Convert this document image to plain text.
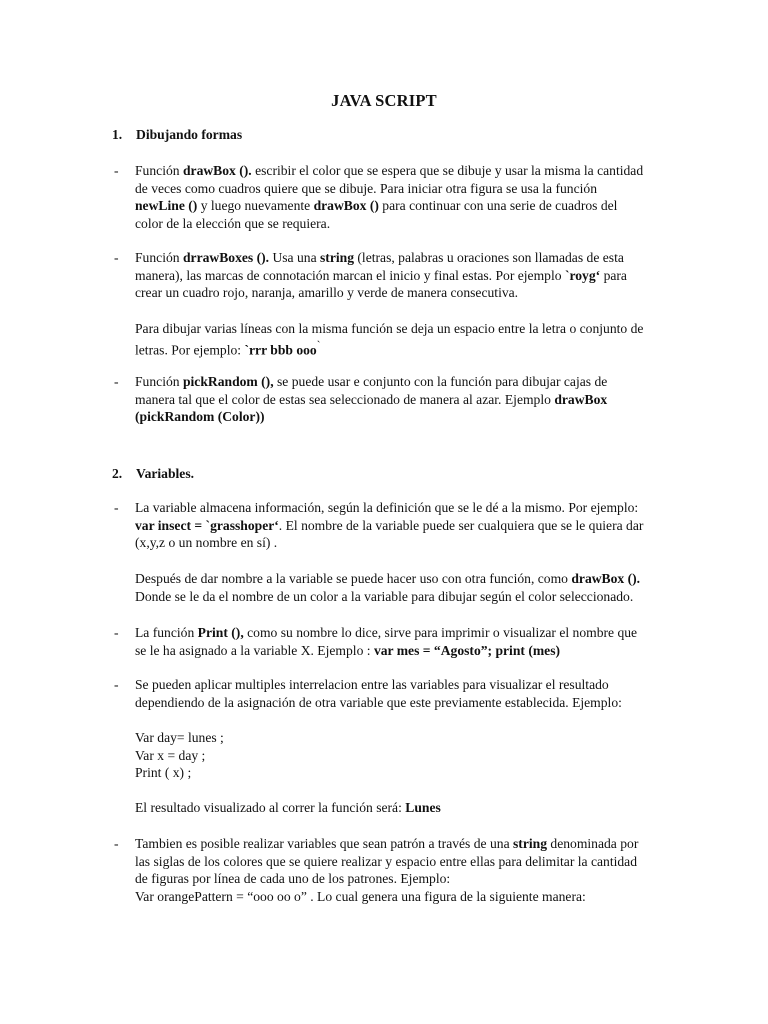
JAVA SCRIPT
1. Dibujando formas
- Función drawBox (). escribir el color que se espera que se dibuje y usar la misma la cantidad de veces como cuadros quiere que se dibuje. Para iniciar otra figura se usa la función newLine () y luego nuevamente drawBox () para continuar con una serie de cuadros del color de la elección que se requiera.
- Función drrawBoxes (). Usa una string (letras, palabras u oraciones son llamadas de esta manera), las marcas de connotación marcan el inicio y final estas. Por ejemplo `royg‘ para crear un cuadro rojo, naranja, amarillo y verde de manera consecutiva.
Para dibujar varias líneas con la misma función se deja un espacio entre la letra o conjunto de letras. Por ejemplo: `rrr bbb ooo`
- Función pickRandom (), se puede usar e conjunto con la función para dibujar cajas de manera tal que el color de estas sea seleccionado de manera al azar. Ejemplo drawBox (pickRandom (Color))
2. Variables.
- La variable almacena información, según la definición que se le dé a la mismo. Por ejemplo: var insect = `grasshoper‘. El nombre de la variable puede ser cualquiera que se le quiera dar (x,y,z o un nombre en sí) .
Después de dar nombre a la variable se puede hacer uso con otra función, como drawBox (). Donde se le da el nombre de un color a la variable para dibujar según el color seleccionado.
- La función Print (), como su nombre lo dice, sirve para imprimir o visualizar el nombre que se le ha asignado a la variable X. Ejemplo : var mes = “Agosto”; print (mes)
- Se pueden aplicar multiples interrelacion entre las variables para visualizar el resultado dependiendo de la asignación de otra variable que este previamente establecida. Ejemplo:
Var day= lunes ;
Var x = day ;
Print ( x) ;
El resultado visualizado al correr la función será: Lunes
- Tambien es posible realizar variables que sean patrón a través de una string denominada por las siglas de los colores que se quiere realizar y espacio entre ellas para delimitar la cantidad de figuras por línea de cada uno de los patrones. Ejemplo:
Var orangePattern = “ooo oo o” . Lo cual genera una figura de la siguiente manera:
